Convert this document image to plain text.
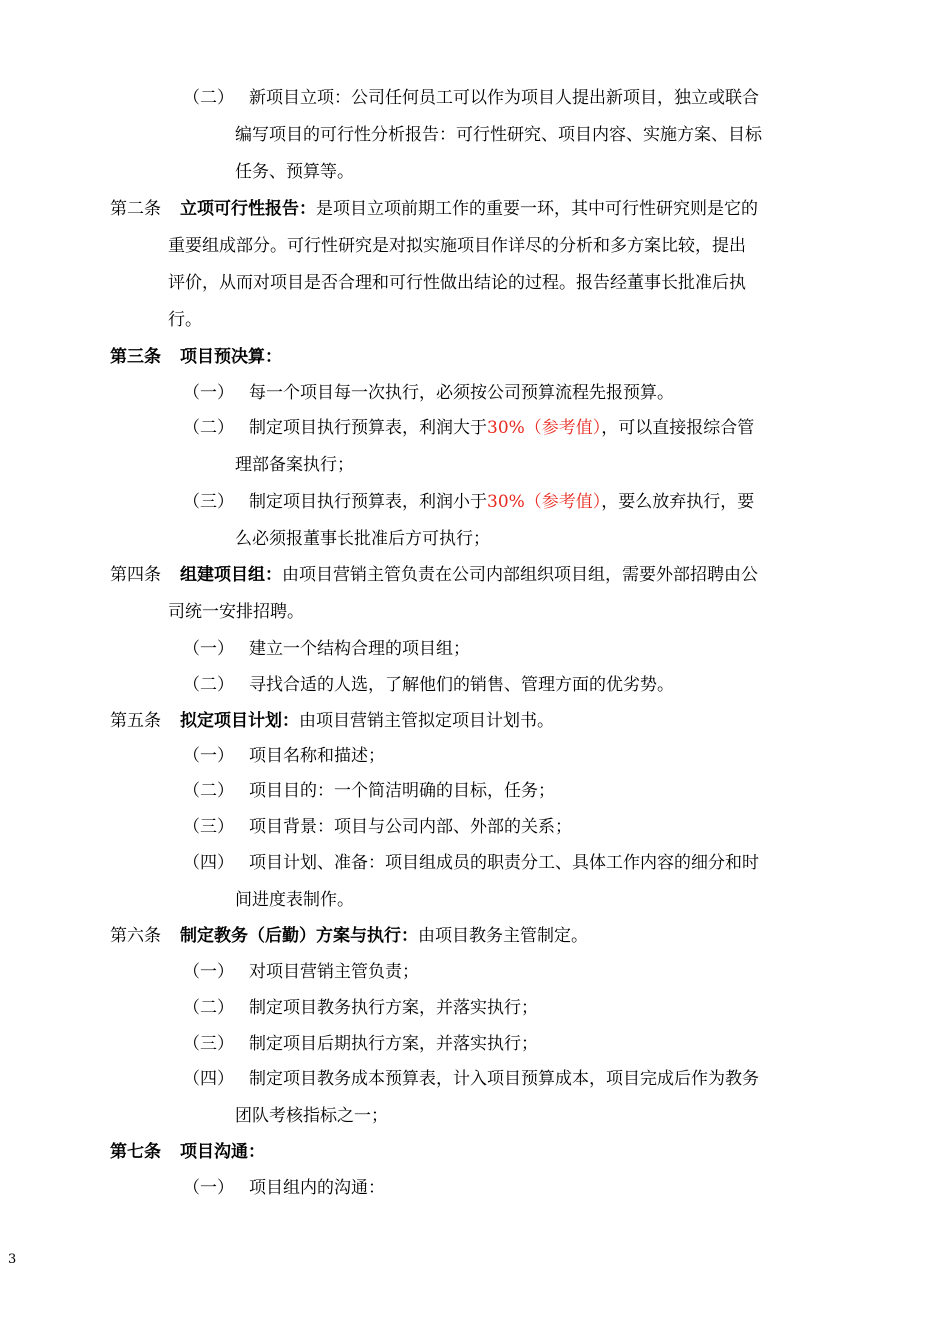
（二） 新项目立项：公司任何员工可以作为项目人提出新项目，独立或联合
编写项目的可行性分析报告：可行性研究、项目内容、实施方案、目标
任务、预算等。
第二条 立项可行性报告：是项目立项前期工作的重要一环，其中可行性研究则是它的
重要组成部分。可行性研究是对拟实施项目作详尽的分析和多方案比较，提出
评价，从而对项目是否合理和可行性做出结论的过程。报告经董事长批准后执
行。
第三条 项目预决算：
（一） 每一个项目每一次执行，必须按公司预算流程先报预算。
（二） 制定项目执行预算表，利润大于30%（参考值），可以直接报综合管
理部备案执行；
（三） 制定项目执行预算表，利润小于30%（参考值），要么放弃执行，要
么必须报董事长批准后方可执行；
第四条 组建项目组：由项目营销主管负责在公司内部组织项目组，需要外部招聘由公
司统一安排招聘。
（一） 建立一个结构合理的项目组；
（二） 寻找合适的人选，了解他们的销售、管理方面的优劣势。
第五条 拟定项目计划：由项目营销主管拟定项目计划书。
（一） 项目名称和描述；
（二） 项目目的：一个简洁明确的目标，任务；
（三） 项目背景：项目与公司内部、外部的关系；
（四） 项目计划、准备：项目组成员的职责分工、具体工作内容的细分和时
间进度表制作。
第六条 制定教务（后勤）方案与执行：由项目教务主管制定。
（一） 对项目营销主管负责；
（二） 制定项目教务执行方案，并落实执行；
（三） 制定项目后期执行方案，并落实执行；
（四） 制定项目教务成本预算表，计入项目预算成本，项目完成后作为教务
团队考核指标之一；
第七条 项目沟通：
（一） 项目组内的沟通：
3
